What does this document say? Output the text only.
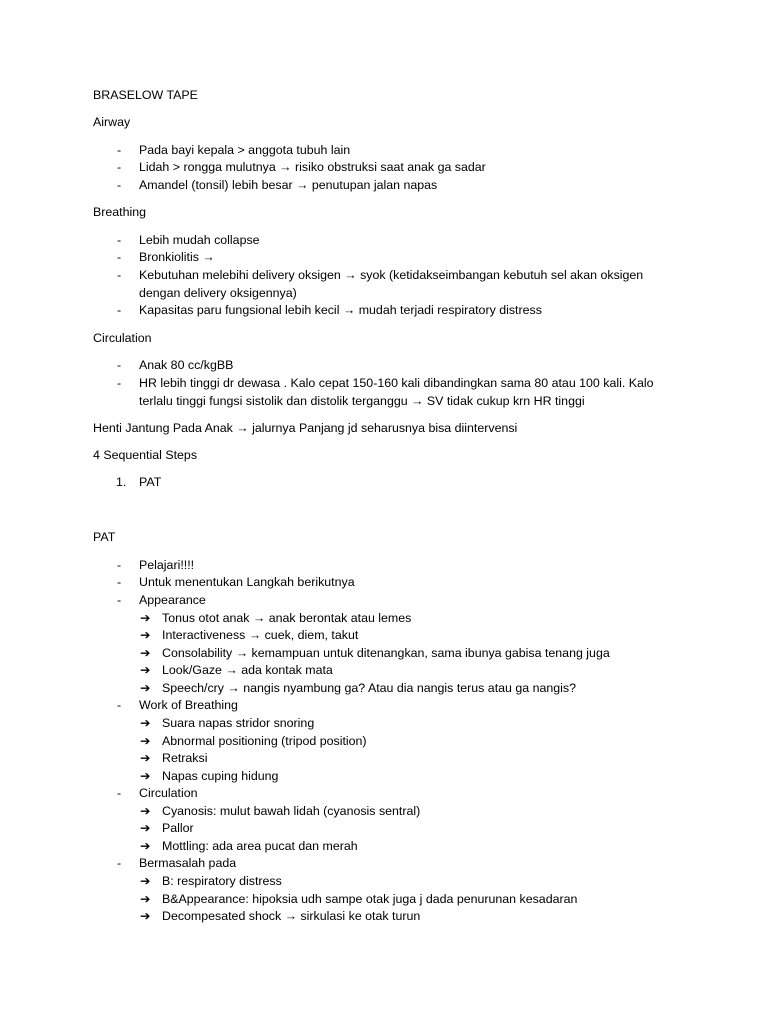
BRASELOW TAPE
Airway
- Pada bayi kepala > anggota tubuh lain
- Lidah > rongga mulutnya → risiko obstruksi saat anak ga sadar
- Amandel (tonsil) lebih besar → penutupan jalan napas
Breathing
- Lebih mudah collapse
- Bronkiolitis →
- Kebutuhan melebihi delivery oksigen → syok (ketidakseimbangan kebutuh sel akan oksigen
dengan delivery oksigennya)
- Kapasitas paru fungsional lebih kecil → mudah terjadi respiratory distress
Circulation
- Anak 80 cc/kgBB
- HR lebih tinggi dr dewasa . Kalo cepat 150-160 kali dibandingkan sama 80 atau 100 kali. Kalo
terlalu tinggi fungsi sistolik dan distolik terganggu → SV tidak cukup krn HR tinggi
Henti Jantung Pada Anak → jalurnya Panjang jd seharusnya bisa diintervensi
4 Sequential Steps
1. PAT
PAT
- Pelajari!!!!
- Untuk menentukan Langkah berikutnya
- Appearance
➔ Tonus otot anak → anak berontak atau lemes
➔ Interactiveness → cuek, diem, takut
➔ Consolability → kemampuan untuk ditenangkan, sama ibunya gabisa tenang juga
➔ Look/Gaze → ada kontak mata
➔ Speech/cry → nangis nyambung ga? Atau dia nangis terus atau ga nangis?
- Work of Breathing
➔ Suara napas stridor snoring
➔ Abnormal positioning (tripod position)
➔ Retraksi
➔ Napas cuping hidung
- Circulation
➔ Cyanosis: mulut bawah lidah (cyanosis sentral)
➔ Pallor
➔ Mottling: ada area pucat dan merah
- Bermasalah pada
➔ B: respiratory distress
➔ B&Appearance: hipoksia udh sampe otak juga j dada penurunan kesadaran
➔ Decompesated shock → sirkulasi ke otak turun
